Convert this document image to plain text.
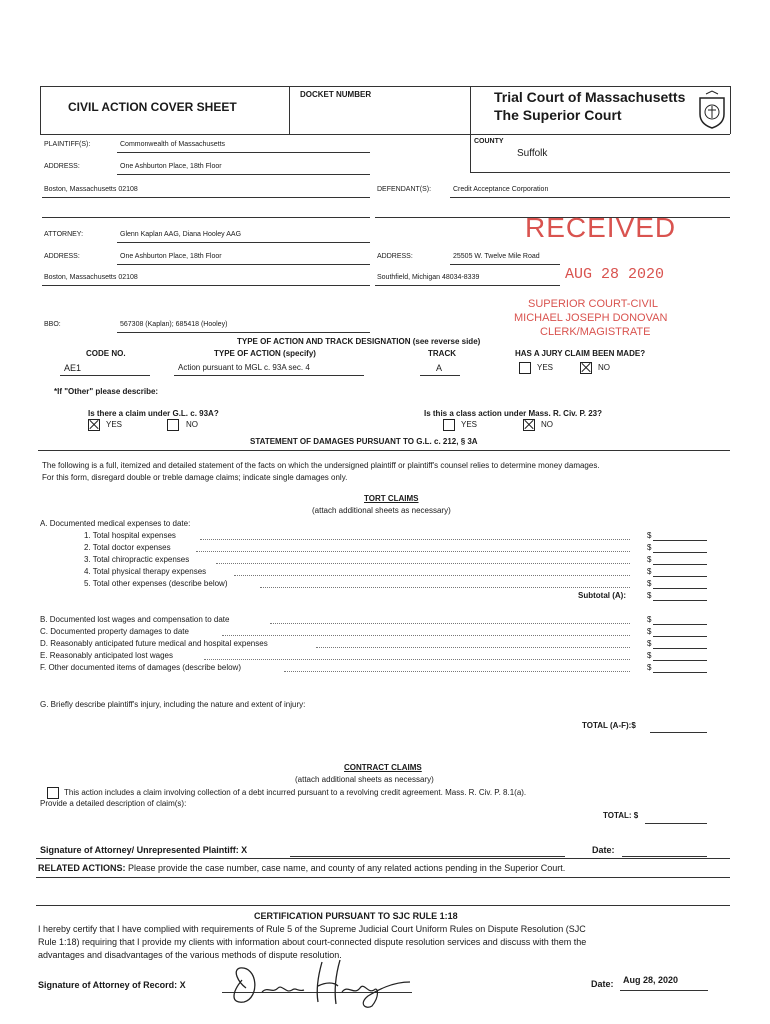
CIVIL ACTION COVER SHEET
DOCKET NUMBER	Trial Court of Massachusetts
The Superior Court
PLAINTIFF(S):	Commonwealth of Massachusetts	COUNTY
Suffolk
ADDRESS:	One Ashburton Place, 18th Floor
Boston, Massachusetts 02108	DEFENDANT(S):	Credit Acceptance Corporation
ATTORNEY:	Glenn Kaplan AAG, Diana Hooley AAG
ADDRESS:	One Ashburton Place, 18th Floor
Boston, Massachusetts 02108
ADDRESS:	25505 W. Twelve Mile Road
Southfield, Michigan 48034-8339
BBO:	567308 (Kaplan); 685418 (Hooley)
RECEIVED
AUG 28 2020
SUPERIOR COURT-CIVIL
MICHAEL JOSEPH DONOVAN
CLERK/MAGISTRATE
TYPE OF ACTION AND TRACK DESIGNATION (see reverse side)
CODE NO.	TYPE OF ACTION (specify)	TRACK	HAS A JURY CLAIM BEEN MADE?
AE1	Action pursuant to MGL c. 93A sec. 4	A	YES	NO
*If "Other" please describe:
Is there a claim under G.L. c. 93A?
YES	NO
Is this a class action under Mass. R. Civ. P. 23?
YES	NO
STATEMENT OF DAMAGES PURSUANT TO G.L. c. 212, § 3A
The following is a full, itemized and detailed statement of the facts on which the undersigned plaintiff or plaintiff's counsel relies to determine money damages.
For this form, disregard double or treble damage claims; indicate single damages only.
TORT CLAIMS
(attach additional sheets as necessary)
A. Documented medical expenses to date:
1. Total hospital expenses	$
2. Total doctor expenses	$
3. Total chiropractic expenses	$
4. Total physical therapy expenses	$
5. Total other expenses (describe below)	$
Subtotal (A):	$
B. Documented lost wages and compensation to date	$
C. Documented property damages to date	$
D. Reasonably anticipated future medical and hospital expenses	$
E. Reasonably anticipated lost wages	$
F. Other documented items of damages (describe below)	$
G. Briefly describe plaintiff's injury, including the nature and extent of injury:
TOTAL (A-F):$
CONTRACT CLAIMS
(attach additional sheets as necessary)
This action includes a claim involving collection of a debt incurred pursuant to a revolving credit agreement. Mass. R. Civ. P. 8.1(a).
Provide a detailed description of claim(s):
TOTAL: $
Signature of Attorney/ Unrepresented Plaintiff: X	Date:
RELATED ACTIONS: Please provide the case number, case name, and county of any related actions pending in the Superior Court.
CERTIFICATION PURSUANT TO SJC RULE 1:18
I hereby certify that I have complied with requirements of Rule 5 of the Supreme Judicial Court Uniform Rules on Dispute Resolution (SJC
Rule 1:18) requiring that I provide my clients with information about court-connected dispute resolution services and discuss with them the
advantages and disadvantages of the various methods of dispute resolution.
Signature of Attorney of Record: X	Date: Aug 28, 2020
